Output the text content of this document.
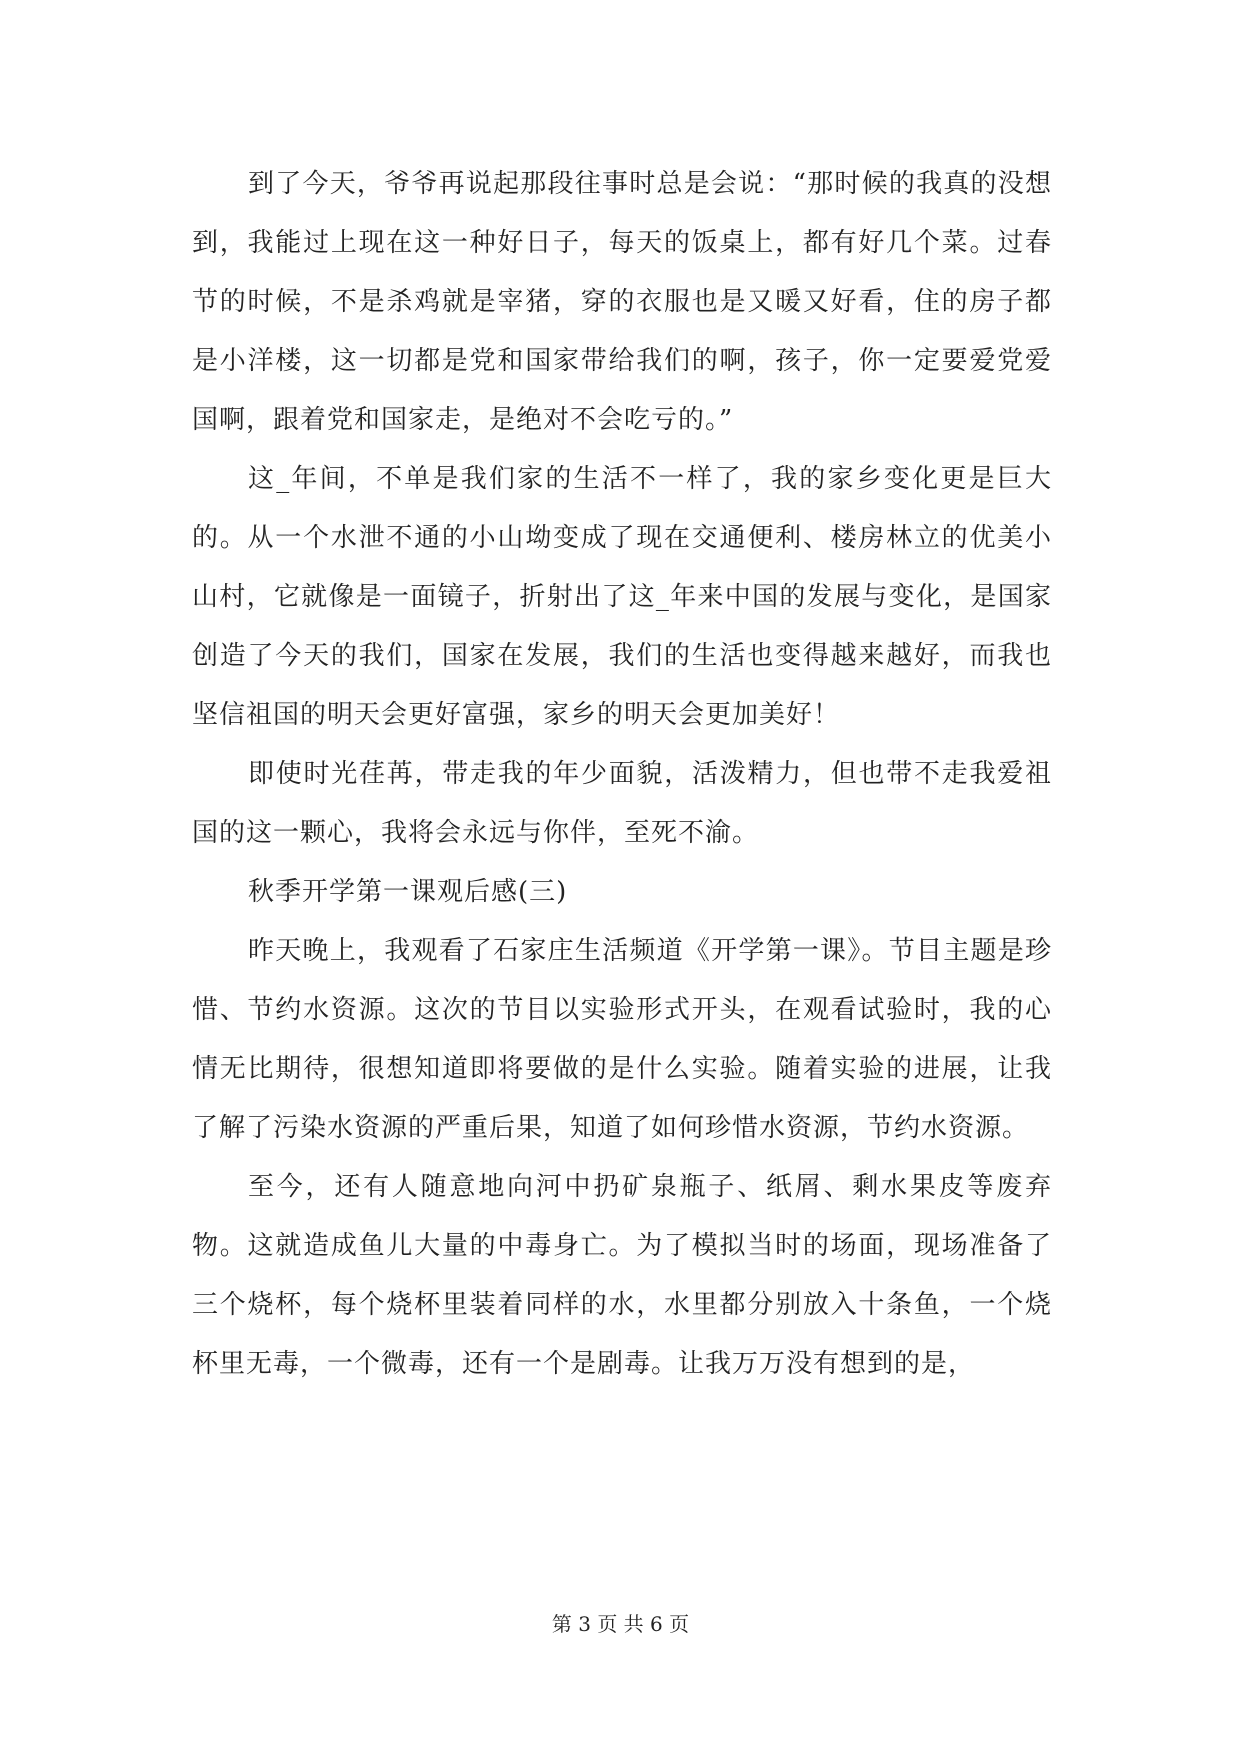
到了今天，爷爷再说起那段往事时总是会说：“那时候的我真的没想到，我能过上现在这一种好日子，每天的饭桌上，都有好几个菜。过春节的时候，不是杀鸡就是宰猪，穿的衣服也是又暖又好看，住的房子都是小洋楼，这一切都是党和国家带给我们的啊，孩子，你一定要爱党爱国啊，跟着党和国家走，是绝对不会吃亏的。”

这_年间，不单是我们家的生活不一样了，我的家乡变化更是巨大的。从一个水泄不通的小山坳变成了现在交通便利、楼房林立的优美小山村，它就像是一面镜子，折射出了这_年来中国的发展与变化，是国家创造了今天的我们，国家在发展，我们的生活也变得越来越好，而我也坚信祖国的明天会更好富强，家乡的明天会更加美好！

即使时光荏苒，带走我的年少面貌，活泼精力，但也带不走我爱祖国的这一颗心，我将会永远与你伴，至死不渝。

秋季开学第一课观后感(三)

昨天晚上，我观看了石家庄生活频道《开学第一课》。节目主题是珍惜、节约水资源。这次的节目以实验形式开头，在观看试验时，我的心情无比期待，很想知道即将要做的是什么实验。随着实验的进展，让我了解了污染水资源的严重后果，知道了如何珍惜水资源，节约水资源。

至今，还有人随意地向河中扔矿泉瓶子、纸屑、剩水果皮等废弃物。这就造成鱼儿大量的中毒身亡。为了模拟当时的场面，现场准备了三个烧杯，每个烧杯里装着同样的水，水里都分别放入十条鱼，一个烧杯里无毒，一个微毒，还有一个是剧毒。让我万万没有想到的是，

第 3 页 共 6 页
